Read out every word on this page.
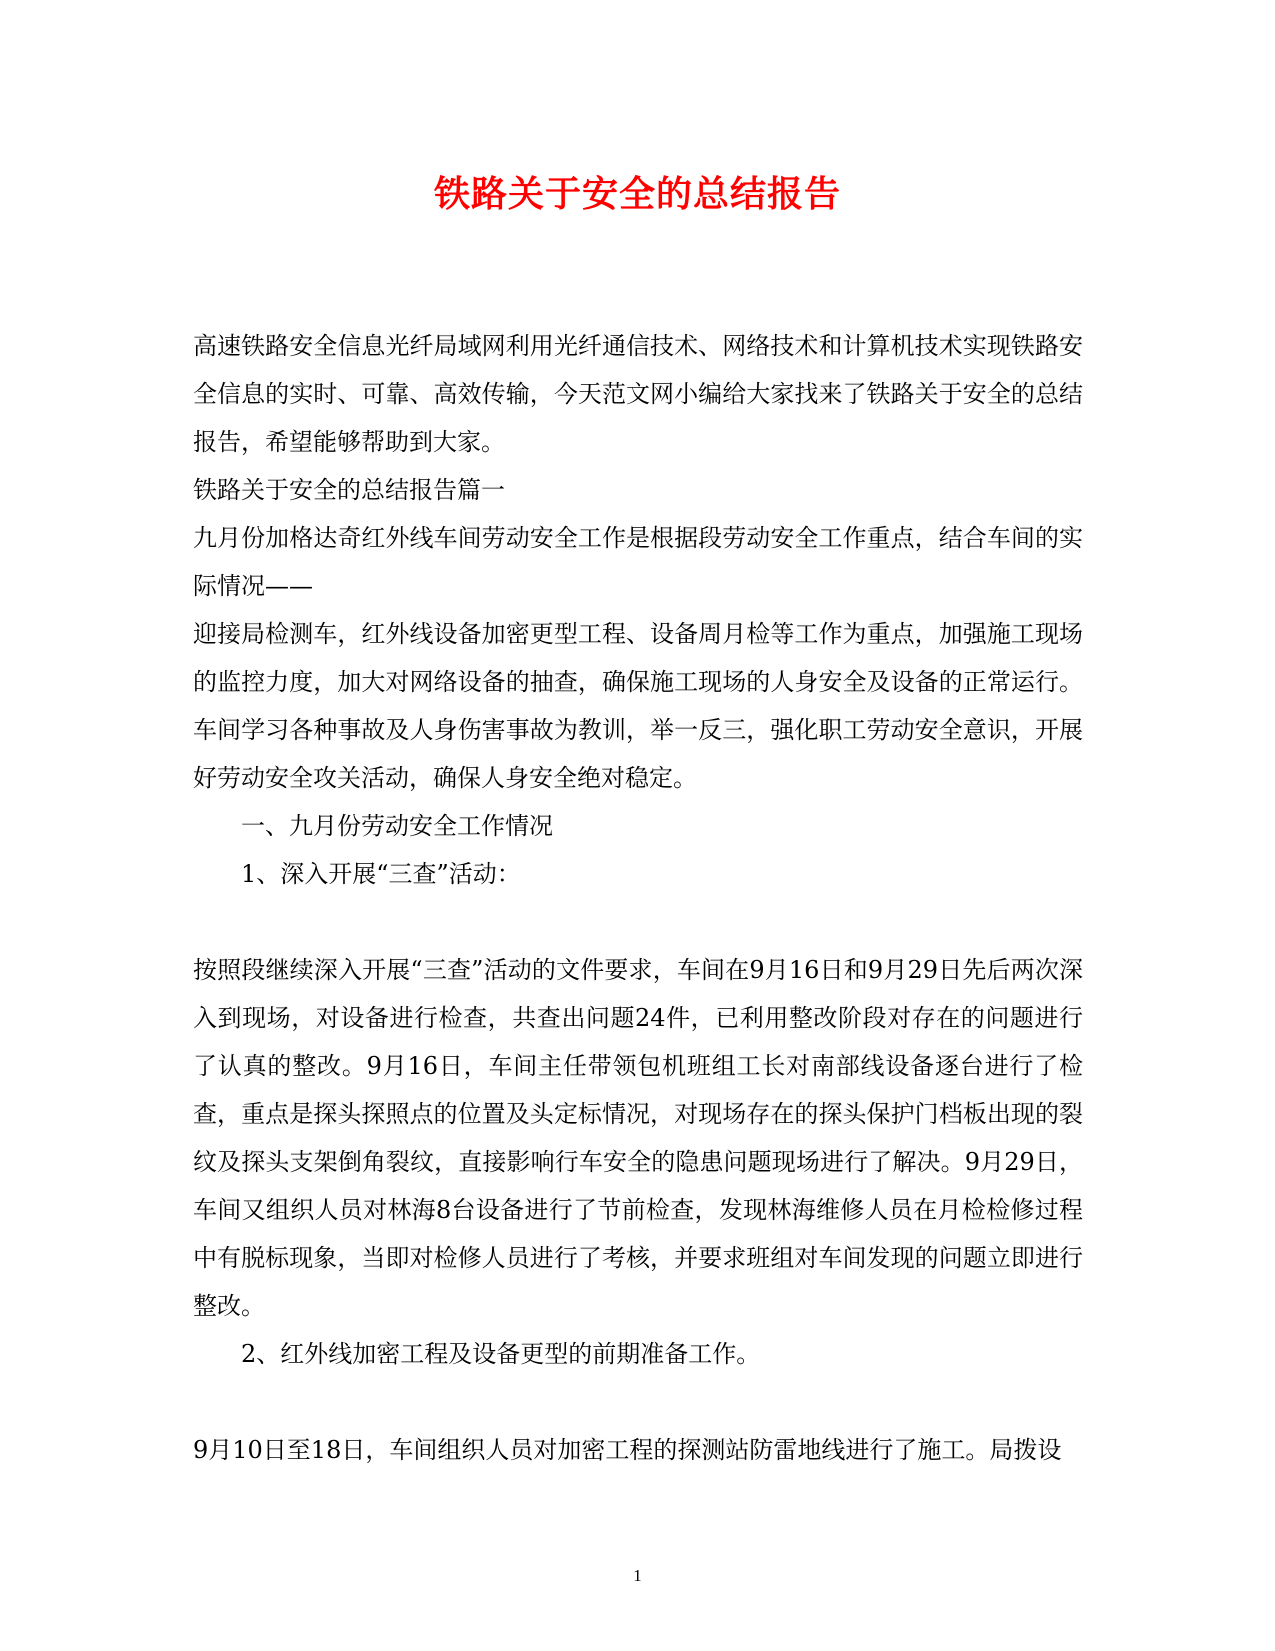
铁路关于安全的总结报告

高速铁路安全信息光纤局域网利用光纤通信技术、网络技术和计算机技术实现铁路安全信息的实时、可靠、高效传输，今天范文网小编给大家找来了铁路关于安全的总结报告，希望能够帮助到大家。

铁路关于安全的总结报告篇一

九月份加格达奇红外线车间劳动安全工作是根据段劳动安全工作重点，结合车间的实际情况——

迎接局检测车，红外线设备加密更型工程、设备周月检等工作为重点，加强施工现场的监控力度，加大对网络设备的抽查，确保施工现场的人身安全及设备的正常运行。车间学习各种事故及人身伤害事故为教训，举一反三，强化职工劳动安全意识，开展好劳动安全攻关活动，确保人身安全绝对稳定。

一、九月份劳动安全工作情况

1、深入开展“三查”活动：

按照段继续深入开展“三查”活动的文件要求，车间在9月16日和9月29日先后两次深入到现场，对设备进行检查，共查出问题24件，已利用整改阶段对存在的问题进行了认真的整改。9月16日，车间主任带领包机班组工长对南部线设备逐台进行了检查，重点是探头探照点的位置及头定标情况，对现场存在的探头保护门档板出现的裂纹及探头支架倒角裂纹，直接影响行车安全的隐患问题现场进行了解决。9月29日，车间又组织人员对林海8台设备进行了节前检查，发现林海维修人员在月检检修过程中有脱标现象，当即对检修人员进行了考核，并要求班组对车间发现的问题立即进行整改。

2、红外线加密工程及设备更型的前期准备工作。

9月10日至18日，车间组织人员对加密工程的探测站防雷地线进行了施工。局拨设

1
